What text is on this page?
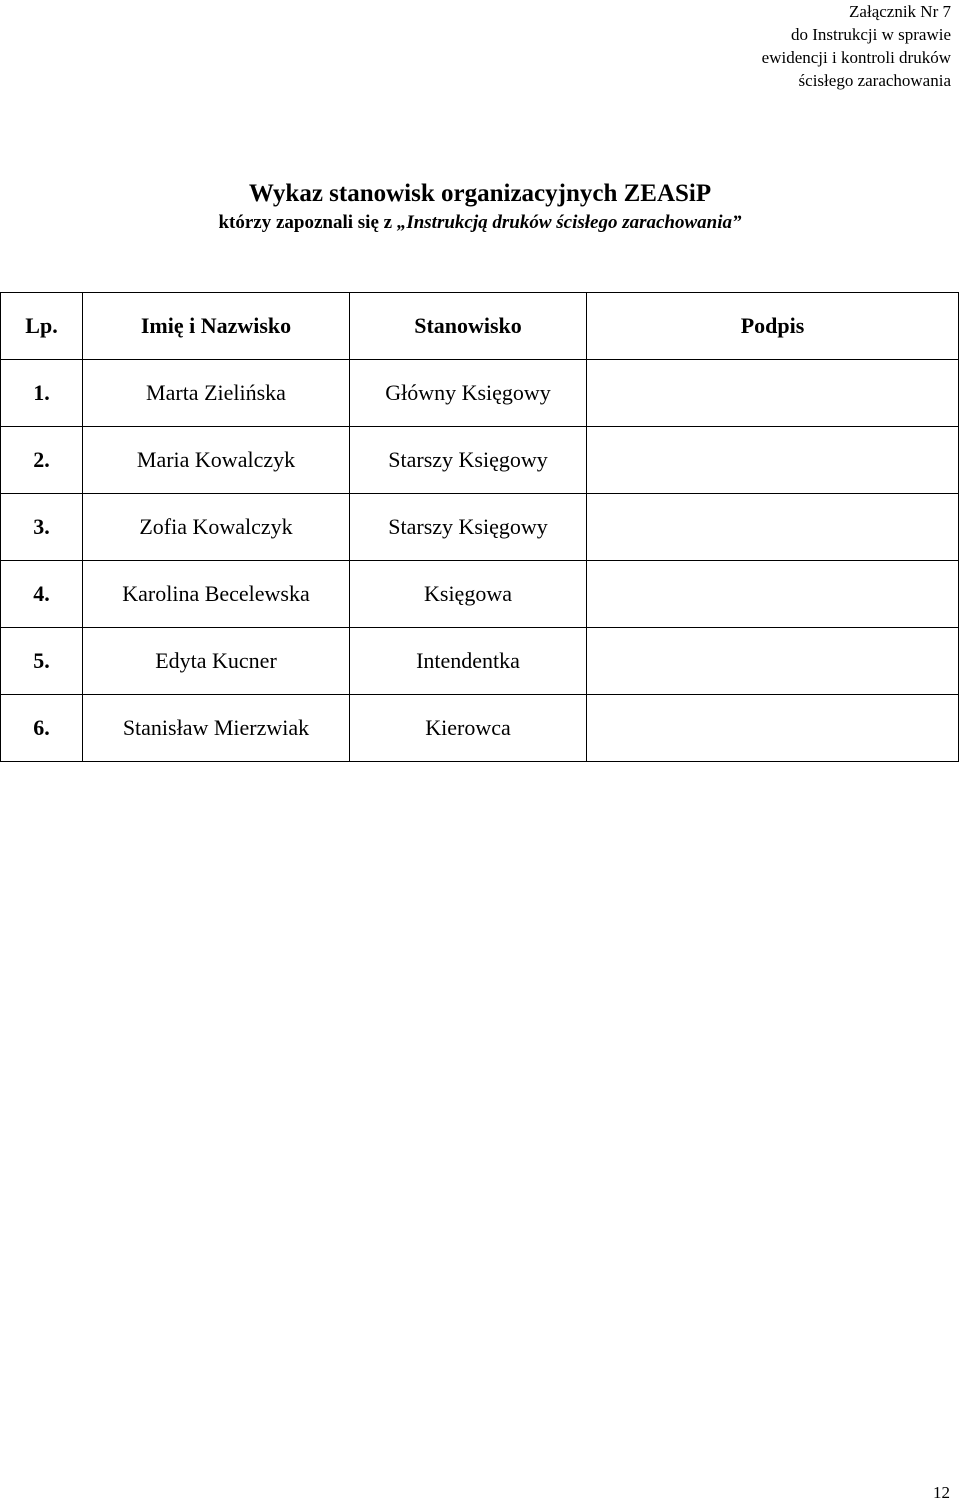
Załącznik Nr 7
do Instrukcji w sprawie
ewidencji i kontroli druków
ścisłego zarachowania
Wykaz stanowisk organizacyjnych ZEASiP
którzy zapoznali się z „Instrukcją druków ścisłego zarachowania”
Lp.	Imię i Nazwisko	Stanowisko	Podpis
1.	Marta Zielińska	Główny Księgowy	
2.	Maria Kowalczyk	Starszy Księgowy	
3.	Zofia Kowalczyk	Starszy Księgowy	
4.	Karolina Becelewska	Księgowa	
5.	Edyta Kucner	Intendentka	
6.	Stanisław Mierzwiak	Kierowca	
12
